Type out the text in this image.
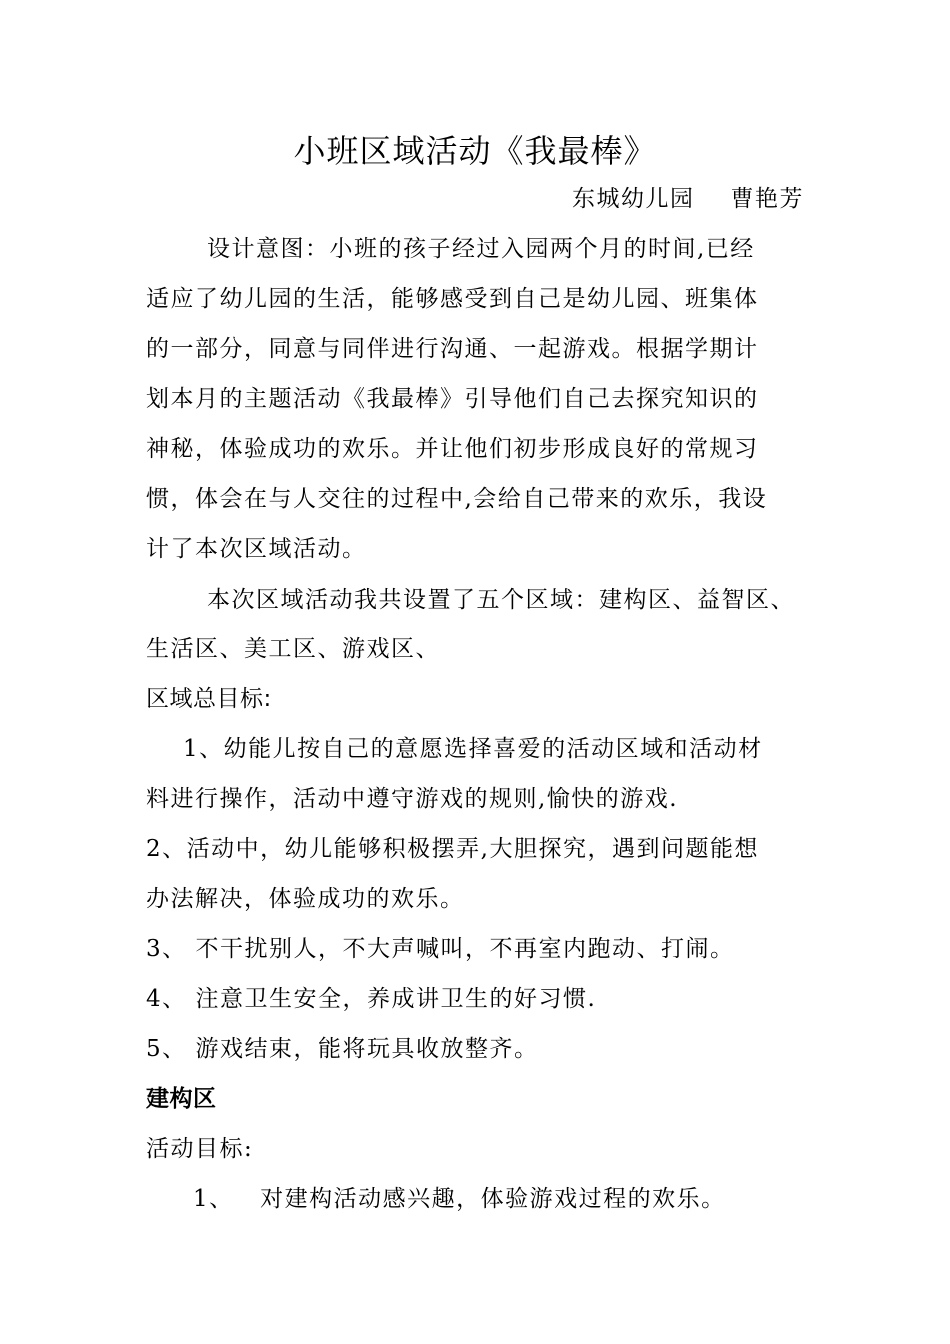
小班区域活动《我最棒》
东城幼儿园 曹艳芳
设计意图：小班的孩子经过入园两个月的时间,已经
适应了幼儿园的生活，能够感受到自己是幼儿园、班集体
的一部分，同意与同伴进行沟通、一起游戏。根据学期计
划本月的主题活动《我最棒》引导他们自己去探究知识的
神秘，体验成功的欢乐。并让他们初步形成良好的常规习
惯，体会在与人交往的过程中,会给自己带来的欢乐，我设
计了本次区域活动。
本次区域活动我共设置了五个区域：建构区、益智区、
生活区、美工区、游戏区、
区域总目标:
1、幼能儿按自己的意愿选择喜爱的活动区域和活动材
料进行操作，活动中遵守游戏的规则,愉快的游戏.
2、活动中，幼儿能够积极摆弄,大胆探究，遇到问题能想
办法解决，体验成功的欢乐。
3、 不干扰别人，不大声喊叫，不再室内跑动、打闹。
4、 注意卫生安全，养成讲卫生的好习惯.
5、 游戏结束，能将玩具收放整齐。
建构区
活动目标:
1、   对建构活动感兴趣，体验游戏过程的欢乐。
